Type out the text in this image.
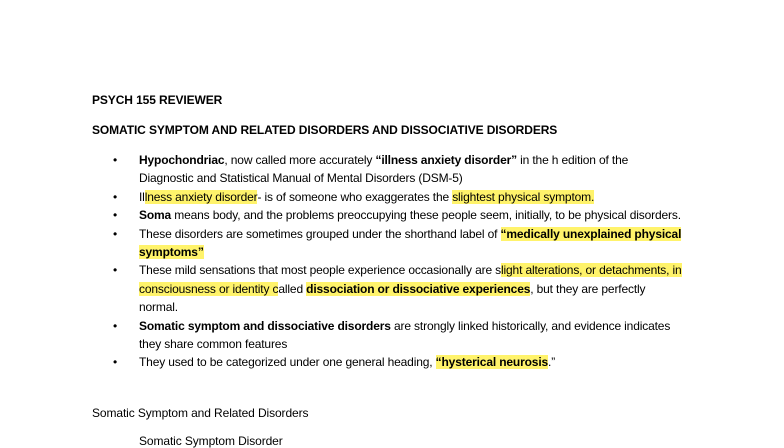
PSYCH 155 REVIEWER
SOMATIC SYMPTOM AND RELATED DISORDERS AND DISSOCIATIVE DISORDERS
• Hypochondriac, now called more accurately “illness anxiety disorder” in the h edition of the Diagnostic and Statistical Manual of Mental Disorders (DSM-5)
• Illness anxiety disorder- is of someone who exaggerates the slightest physical symptom.
• Soma means body, and the problems preoccupying these people seem, initially, to be physical disorders.
• These disorders are sometimes grouped under the shorthand label of “medically unexplained physical symptoms”
• These mild sensations that most people experience occasionally are slight alterations, or detachments, in consciousness or identity called dissociation or dissociative experiences, but they are perfectly normal.
• Somatic symptom and dissociative disorders are strongly linked historically, and evidence indicates they share common features
• They used to be categorized under one general heading, “hysterical neurosis.”
Somatic Symptom and Related Disorders
Somatic Symptom Disorder
